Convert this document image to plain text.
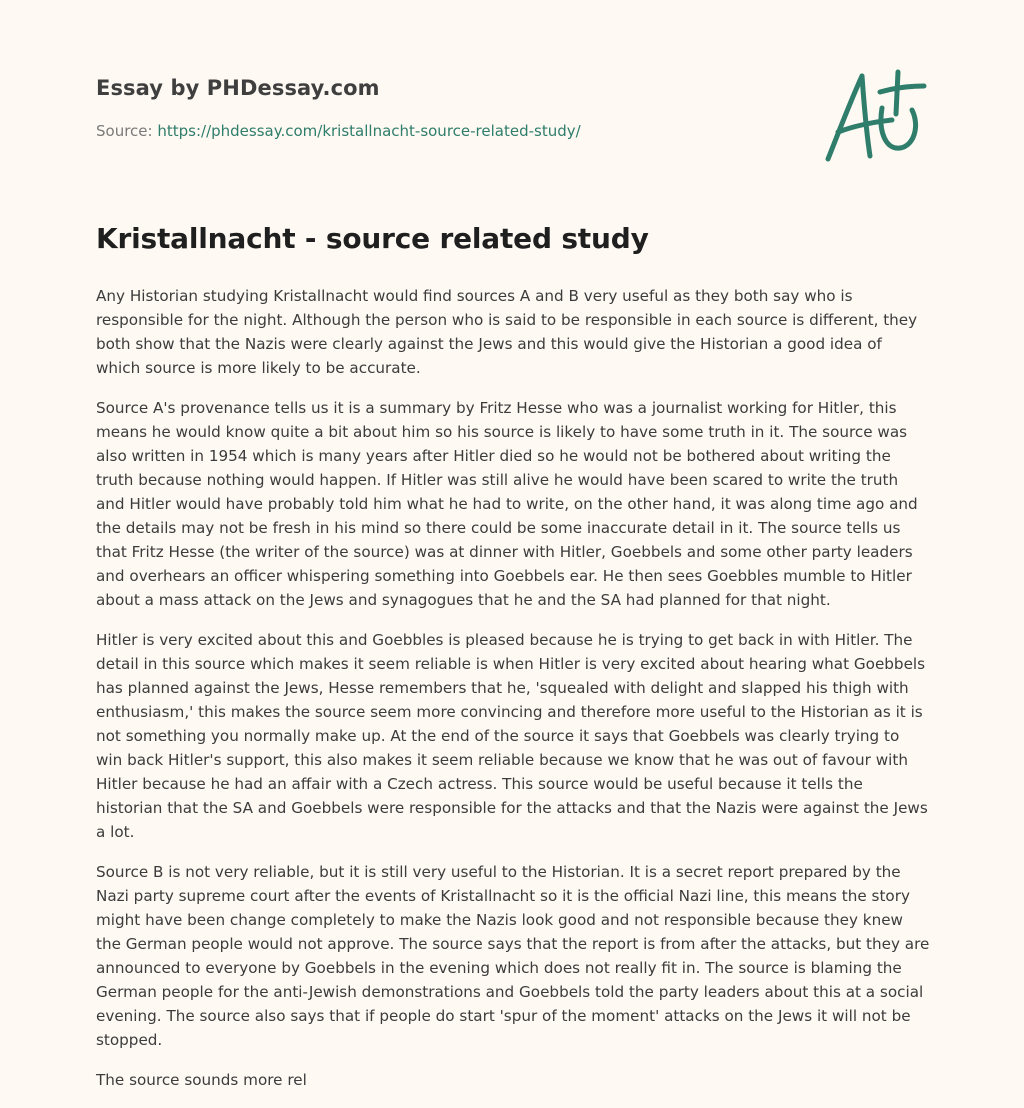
Essay by PHDessay.com
Source: https://phdessay.com/kristallnacht-source-related-study/
Kristallnacht - source related study

Any Historian studying Kristallnacht would find sources A and B very useful as they both say who is responsible for the night. Although the person who is said to be responsible in each source is different, they both show that the Nazis were clearly against the Jews and this would give the Historian a good idea of which source is more likely to be accurate.

Source A's provenance tells us it is a summary by Fritz Hesse who was a journalist working for Hitler, this means he would know quite a bit about him so his source is likely to have some truth in it. The source was also written in 1954 which is many years after Hitler died so he would not be bothered about writing the truth because nothing would happen. If Hitler was still alive he would have been scared to write the truth and Hitler would have probably told him what he had to write, on the other hand, it was along time ago and the details may not be fresh in his mind so there could be some inaccurate detail in it. The source tells us that Fritz Hesse (the writer of the source) was at dinner with Hitler, Goebbels and some other party leaders and overhears an officer whispering something into Goebbels ear. He then sees Goebbles mumble to Hitler about a mass attack on the Jews and synagogues that he and the SA had planned for that night.

Hitler is very excited about this and Goebbles is pleased because he is trying to get back in with Hitler. The detail in this source which makes it seem reliable is when Hitler is very excited about hearing what Goebbels has planned against the Jews, Hesse remembers that he, 'squealed with delight and slapped his thigh with enthusiasm,' this makes the source seem more convincing and therefore more useful to the Historian as it is not something you normally make up. At the end of the source it says that Goebbels was clearly trying to win back Hitler's support, this also makes it seem reliable because we know that he was out of favour with Hitler because he had an affair with a Czech actress. This source would be useful because it tells the historian that the SA and Goebbels were responsible for the attacks and that the Nazis were against the Jews a lot.

Source B is not very reliable, but it is still very useful to the Historian. It is a secret report prepared by the Nazi party supreme court after the events of Kristallnacht so it is the official Nazi line, this means the story might have been change completely to make the Nazis look good and not responsible because they knew the German people would not approve. The source says that the report is from after the attacks, but they are announced to everyone by Goebbels in the evening which does not really fit in. The source is blaming the German people for the anti-Jewish demonstrations and Goebbels told the party leaders about this at a social evening. The source also says that if people do start 'spur of the moment' attacks on the Jews it will not be stopped.

The source sounds more rel
